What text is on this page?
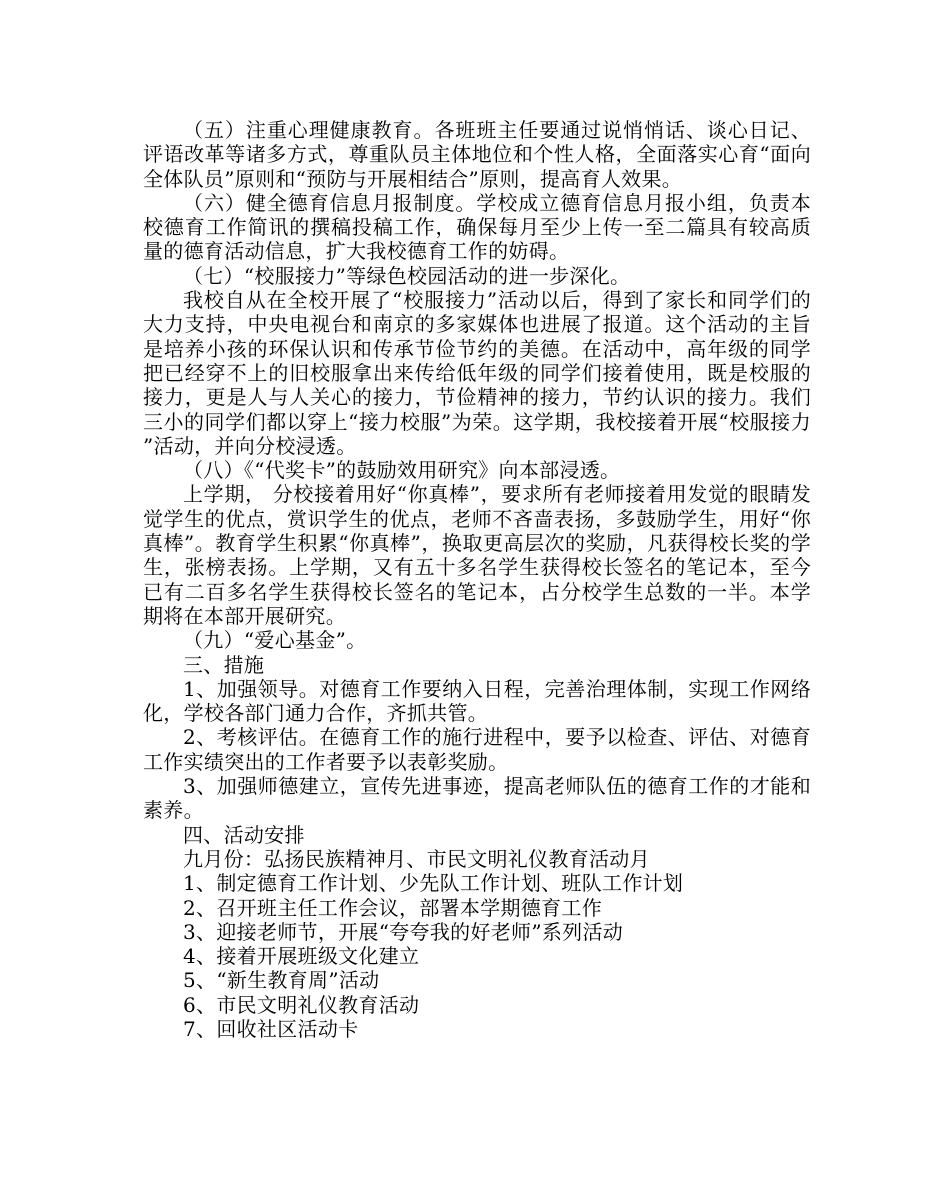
（五）注重心理健康教育。各班班主任要通过说悄悄话、谈心日记、评语改革等诸多方式，尊重队员主体地位和个性人格，全面落实心育“面向全体队员”原则和“预防与开展相结合”原则，提高育人效果。

（六）健全德育信息月报制度。学校成立德育信息月报小组，负责本校德育工作简讯的撰稿投稿工作，确保每月至少上传一至二篇具有较高质量的德育活动信息，扩大我校德育工作的妨碍。

（七）“校服接力”等绿色校园活动的进一步深化。

我校自从在全校开展了“校服接力”活动以后，得到了家长和同学们的大力支持，中央电视台和南京的多家媒体也进展了报道。这个活动的主旨是培养小孩的环保认识和传承节俭节约的美德。在活动中，高年级的同学把已经穿不上的旧校服拿出来传给低年级的同学们接着使用，既是校服的接力，更是人与人关心的接力，节俭精神的接力，节约认识的接力。我们三小的同学们都以穿上“接力校服”为荣。这学期，我校接着开展“校服接力”活动，并向分校浸透。

（八）《“代奖卡”的鼓励效用研究》向本部浸透。

上学期， 分校接着用好“你真棒”，要求所有老师接着用发觉的眼睛发觉学生的优点，赏识学生的优点，老师不吝啬表扬，多鼓励学生，用好“你真棒”。教育学生积累“你真棒”，换取更高层次的奖励，凡获得校长奖的学生，张榜表扬。上学期，又有五十多名学生获得校长签名的笔记本，至今已有二百多名学生获得校长签名的笔记本，占分校学生总数的一半。本学期将在本部开展研究。

（九）“爱心基金”。

三、措施

1、加强领导。对德育工作要纳入日程，完善治理体制，实现工作网络化，学校各部门通力合作，齐抓共管。

2、考核评估。在德育工作的施行进程中，要予以检查、评估、对德育工作实绩突出的工作者要予以表彰奖励。

3、加强师德建立，宣传先进事迹，提高老师队伍的德育工作的才能和素养。

四、活动安排

九月份：弘扬民族精神月、市民文明礼仪教育活动月

1、制定德育工作计划、少先队工作计划、班队工作计划

2、召开班主任工作会议，部署本学期德育工作

3、迎接老师节，开展“夸夸我的好老师”系列活动

4、接着开展班级文化建立

5、“新生教育周”活动

6、市民文明礼仪教育活动

7、回收社区活动卡
